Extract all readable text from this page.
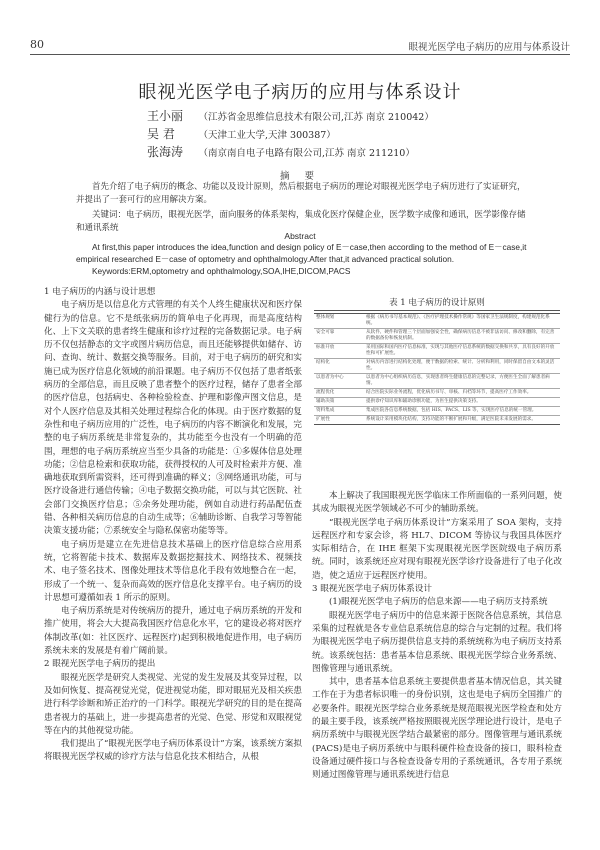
80	眼视光医学电子病历的应用与体系设计
眼视光医学电子病历的应用与体系设计
王小丽 （江苏省金思维信息技术有限公司,江苏 南京 210042）
吴 君 （天津工业大学,天津 300387）
张海涛 （南京南自电子电路有限公司,江苏 南京 211210）
摘 要
首先介绍了电子病历的概念、功能以及设计原则，然后根据电子病历的理论对眼视光医学电子病历进行了实证研究，并提出了一套可行的应用解决方案。
关键词：电子病历，眼视光医学，面向服务的体系架构，集成化医疗保健企业，医学数字成像和通讯，医学影像存储和通讯系统
Abstract
At first,this paper introduces the idea,function and design policy of E－case,then according to the method of E－case,it empirical researched E－case of optometry and ophthalmology.After that,it advanced practical solution.
Keywords:ERM,optometry and ophthalmology,SOA,IHE,DICOM,PACS

1 电子病历的内涵与设计思想

电子病历是以信息化方式管理的有关个人终生健康状况和医疗保健行为的信息。它不是纸张病历的简单电子化再现，而是高度结构化、上下文关联的患者终生健康和诊疗过程的完备数据记录。电子病历不仅包括静态的文字或图片病历信息，而且还能够提供如储存、访问、查询、统计、数据交换等服务。目前，对于电子病历的研究和实施已成为医疗信息化领域的前沿课题。电子病历不仅包括了患者纸张病历的全部信息，而且反映了患者整个的医疗过程，储存了患者全部的医疗信息，包括病史、各种检验检查、护理和影像声图文信息，是对个人医疗信息及其相关处理过程综合化的体现。由于医疗数据的复杂性和电子病历应用的广泛性，电子病历的内容不断演化和发展，完整的电子病历系统是非常复杂的，其功能至今也没有一个明确的范围，理想的电子病历系统应当至少具备的功能是：①多媒体信息处理功能；②信息检索和获取功能，获得授权的人可及时检索并方便、准确地获取到所需资料，还可得到准确的释义；③网络通讯功能，可与医疗设备进行通信传输；④电子数据交换功能，可以与其它医院、社会部门交换医疗信息；⑤余务处理功能，例如自动进行药品配伍查错、各种相关病历信息的自动生成等；⑥辅助诊断、自我学习等智能决策支援功能；⑦系统安全与隐私保密功能等等。

电子病历是建立在先进信息技术基础上的医疗信息综合应用系统，它将智能卡技术、数据库及数据挖掘技术、网络技术、视频技术、电子签名技术、图像处理技术等信息化手段有效地整合在一起，形成了一个统一、复杂而高效的医疗信息化支撑平台。电子病历的设计思想可遵循如表 1 所示的原则。

电子病历系统是对传统病历的提升，通过电子病历系统的开发和推广使用，将会大大提高我国医疗信息化水平，它的建设必将对医疗体制改革(如：社区医疗、远程医疗)起到积极地促进作用，电子病历系统未来的发展是有着广阔前景。

2 眼视光医学电子病历的提出

眼视光医学是研究人类视觉、光觉的发生发展及其变异过程，以及如何恢复、提高视觉光觉，促进视觉功能，即对眼屈光及相关疾患进行科学诊断和矫正治疗的一门科学。眼视光学研究的目的是在提高患者视力的基础上，进一步提高患者的光觉、色觉、形觉和双眼视觉等在内的其他视觉功能。

我们提出了“眼视光医学电子病历体系设计”方案，该系统方案拟将眼视光医学权威的诊疗方法与信息化技术相结合，从根

表 1 电子病历的设计原则

整体规划	根据《病历书写基本规范》、《医疗护理技术操作常规》等国家卫生法规制度，构建规范化系统。
安全可靠	从软件、硬件和管理三个层面加强安全性，确保病历信息不被非法访问、修改和删除，有完善的数据备份和恢复机制。
标准开放	采用国际和国内医疗信息标准，实现与其他医疗信息系统的数据交换和共享，具有良好的开放性和可扩展性。
结构化	对病历内容进行结构化处理，便于数据的检索、统计、分析和利用，同时保留自由文本的灵活性。
以患者为中心	以患者为中心组织病历信息，实现患者终生健康信息的完整记录，方便医生全面了解患者病情。
流程优化	结合医院实际业务流程，优化病历书写、审核、归档等环节，提高医疗工作效率。
辅助决策	提供诊疗知识库和辅助诊断功能，为医生提供决策支持。
资料集成	集成医院各信息系统数据，包括 HIS、PACS、LIS 等，实现医疗信息的统一管理。
扩展性	系统设计采用模块化结构，支持功能的不断扩展和升级，满足医院未来发展的需求。

本上解决了我国眼视光医学临床工作所面临的一系列问题，使其成为眼视光医学领域必不可少的辅助系统。

“眼视光医学电子病历体系设计”方案采用了 SOA 架构，支持远程医疗和专家会诊，将 HL7、DICOM 等协议与我国具体医疗实际相结合，在 IHE 框架下实现眼视光医学医院级电子病历系统。同时，该系统还应对现有眼视光医学诊疗设备进行了电子化改造，使之适应于远程医疗使用。

3 眼视光医学电子病历体系设计

(1)眼视光医学电子病历的信息来源——电子病历支持系统

眼视光医学电子病历中的信息来源于医院各信息系统，其信息采集的过程就是各专业信息系统信息的综合与定制的过程。我们将为眼视光医学电子病历提供信息支持的系统统称为电子病历支持系统。该系统包括：患者基本信息系统、眼视光医学综合业务系统、图像管理与通讯系统。

其中，患者基本信息系统主要提供患者基本情况信息，其关键工作在于为患者标识唯一的身份识别，这也是电子病历全国推广的必要条件。眼视光医学综合业务系统是规范眼视光医学检查和处方的最主要手段，该系统严格按照眼视光医学理论进行设计，是电子病历系统中与眼视光医学结合最紧密的部分。图像管理与通讯系统(PACS)是电子病历系统中与眼科硬件检查设备的接口，眼科检查设备通过硬件接口与各检查设备专用的子系统通讯，各专用子系统则通过图像管理与通讯系统进行信息
